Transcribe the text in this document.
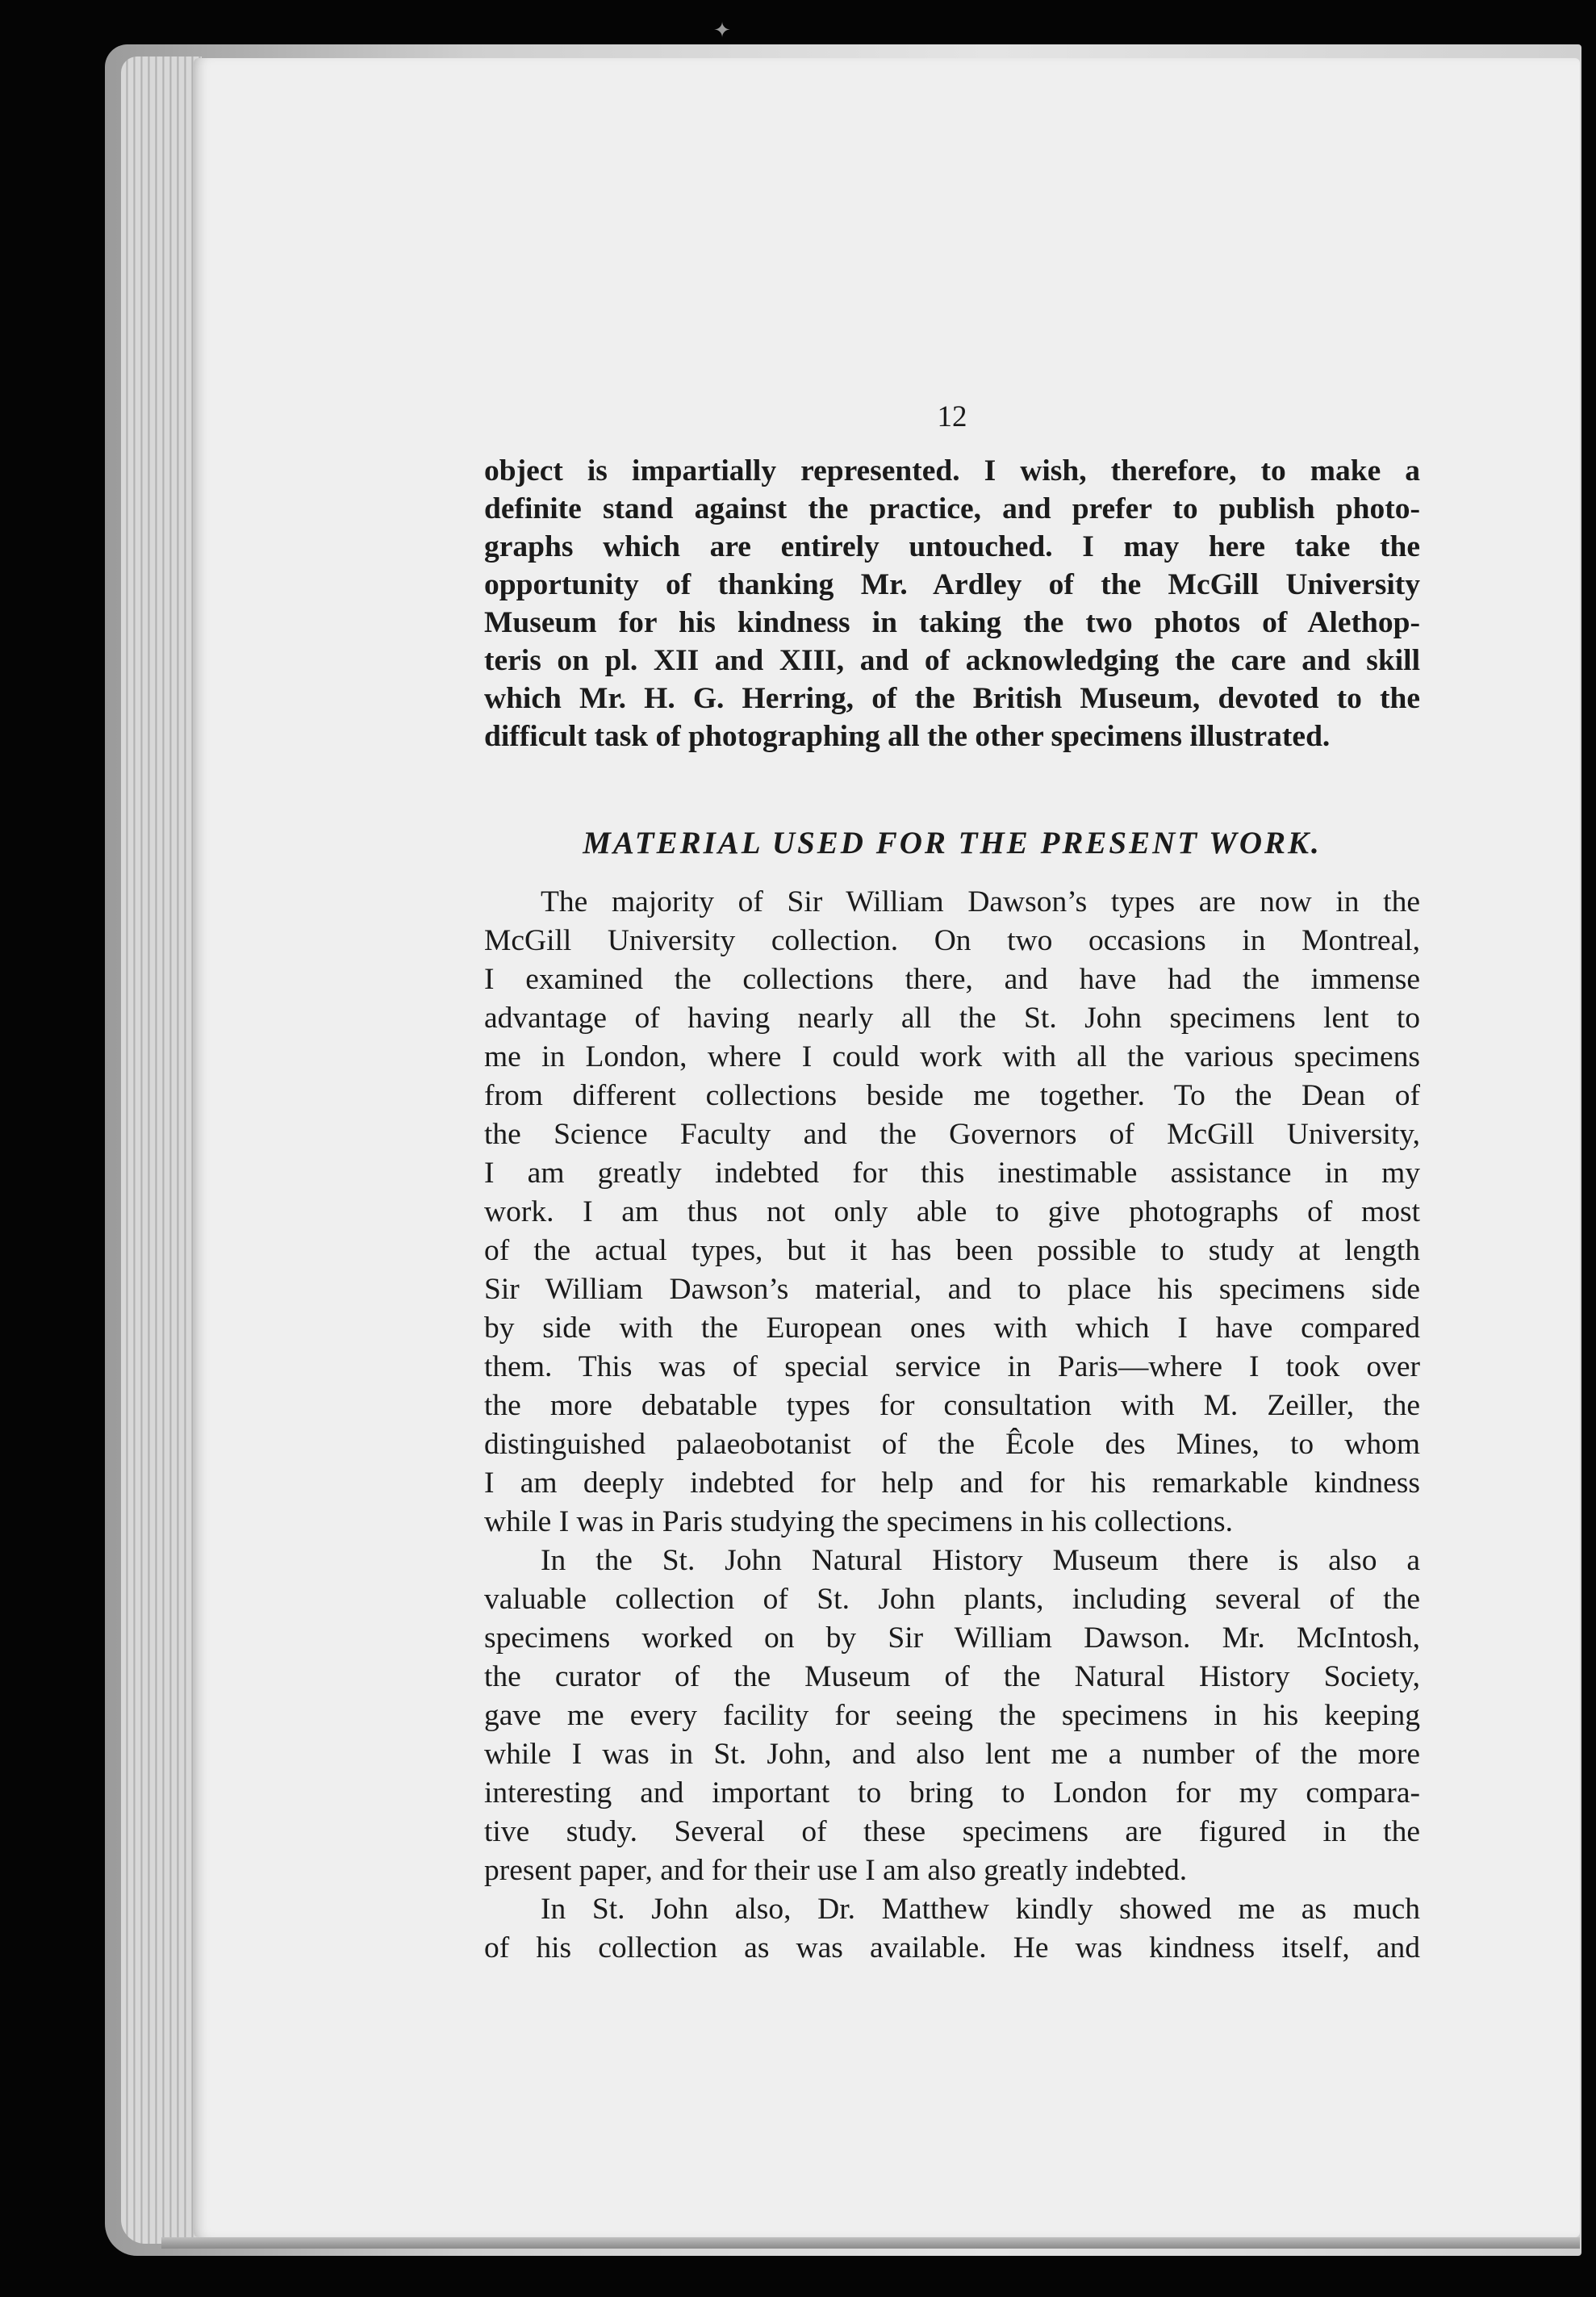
✦
12
object is impartially represented. I wish, therefore, to make a
definite stand against the practice, and prefer to publish photo-
graphs which are entirely untouched. I may here take the
opportunity of thanking Mr. Ardley of the McGill University
Museum for his kindness in taking the two photos of Alethop-
teris on pl. XII and XIII, and of acknowledging the care and skill
which Mr. H. G. Herring, of the British Museum, devoted to the
difficult task of photographing all the other specimens illustrated.
MATERIAL USED FOR THE PRESENT WORK.
The majority of Sir William Dawson’s types are now in the
McGill University collection. On two occasions in Montreal,
I examined the collections there, and have had the immense
advantage of having nearly all the St. John specimens lent to
me in London, where I could work with all the various specimens
from different collections beside me together. To the Dean of
the Science Faculty and the Governors of McGill University,
I am greatly indebted for this inestimable assistance in my
work. I am thus not only able to give photographs of most
of the actual types, but it has been possible to study at length
Sir William Dawson’s material, and to place his specimens side
by side with the European ones with which I have compared
them. This was of special service in Paris—where I took over
the more debatable types for consultation with M. Zeiller, the
distinguished palaeobotanist of the Êcole des Mines, to whom
I am deeply indebted for help and for his remarkable kindness
while I was in Paris studying the specimens in his collections.
In the St. John Natural History Museum there is also a
valuable collection of St. John plants, including several of the
specimens worked on by Sir William Dawson. Mr. McIntosh,
the curator of the Museum of the Natural History Society,
gave me every facility for seeing the specimens in his keeping
while I was in St. John, and also lent me a number of the more
interesting and important to bring to London for my compara-
tive study. Several of these specimens are figured in the
present paper, and for their use I am also greatly indebted.
In St. John also, Dr. Matthew kindly showed me as much
of his collection as was available. He was kindness itself, and
